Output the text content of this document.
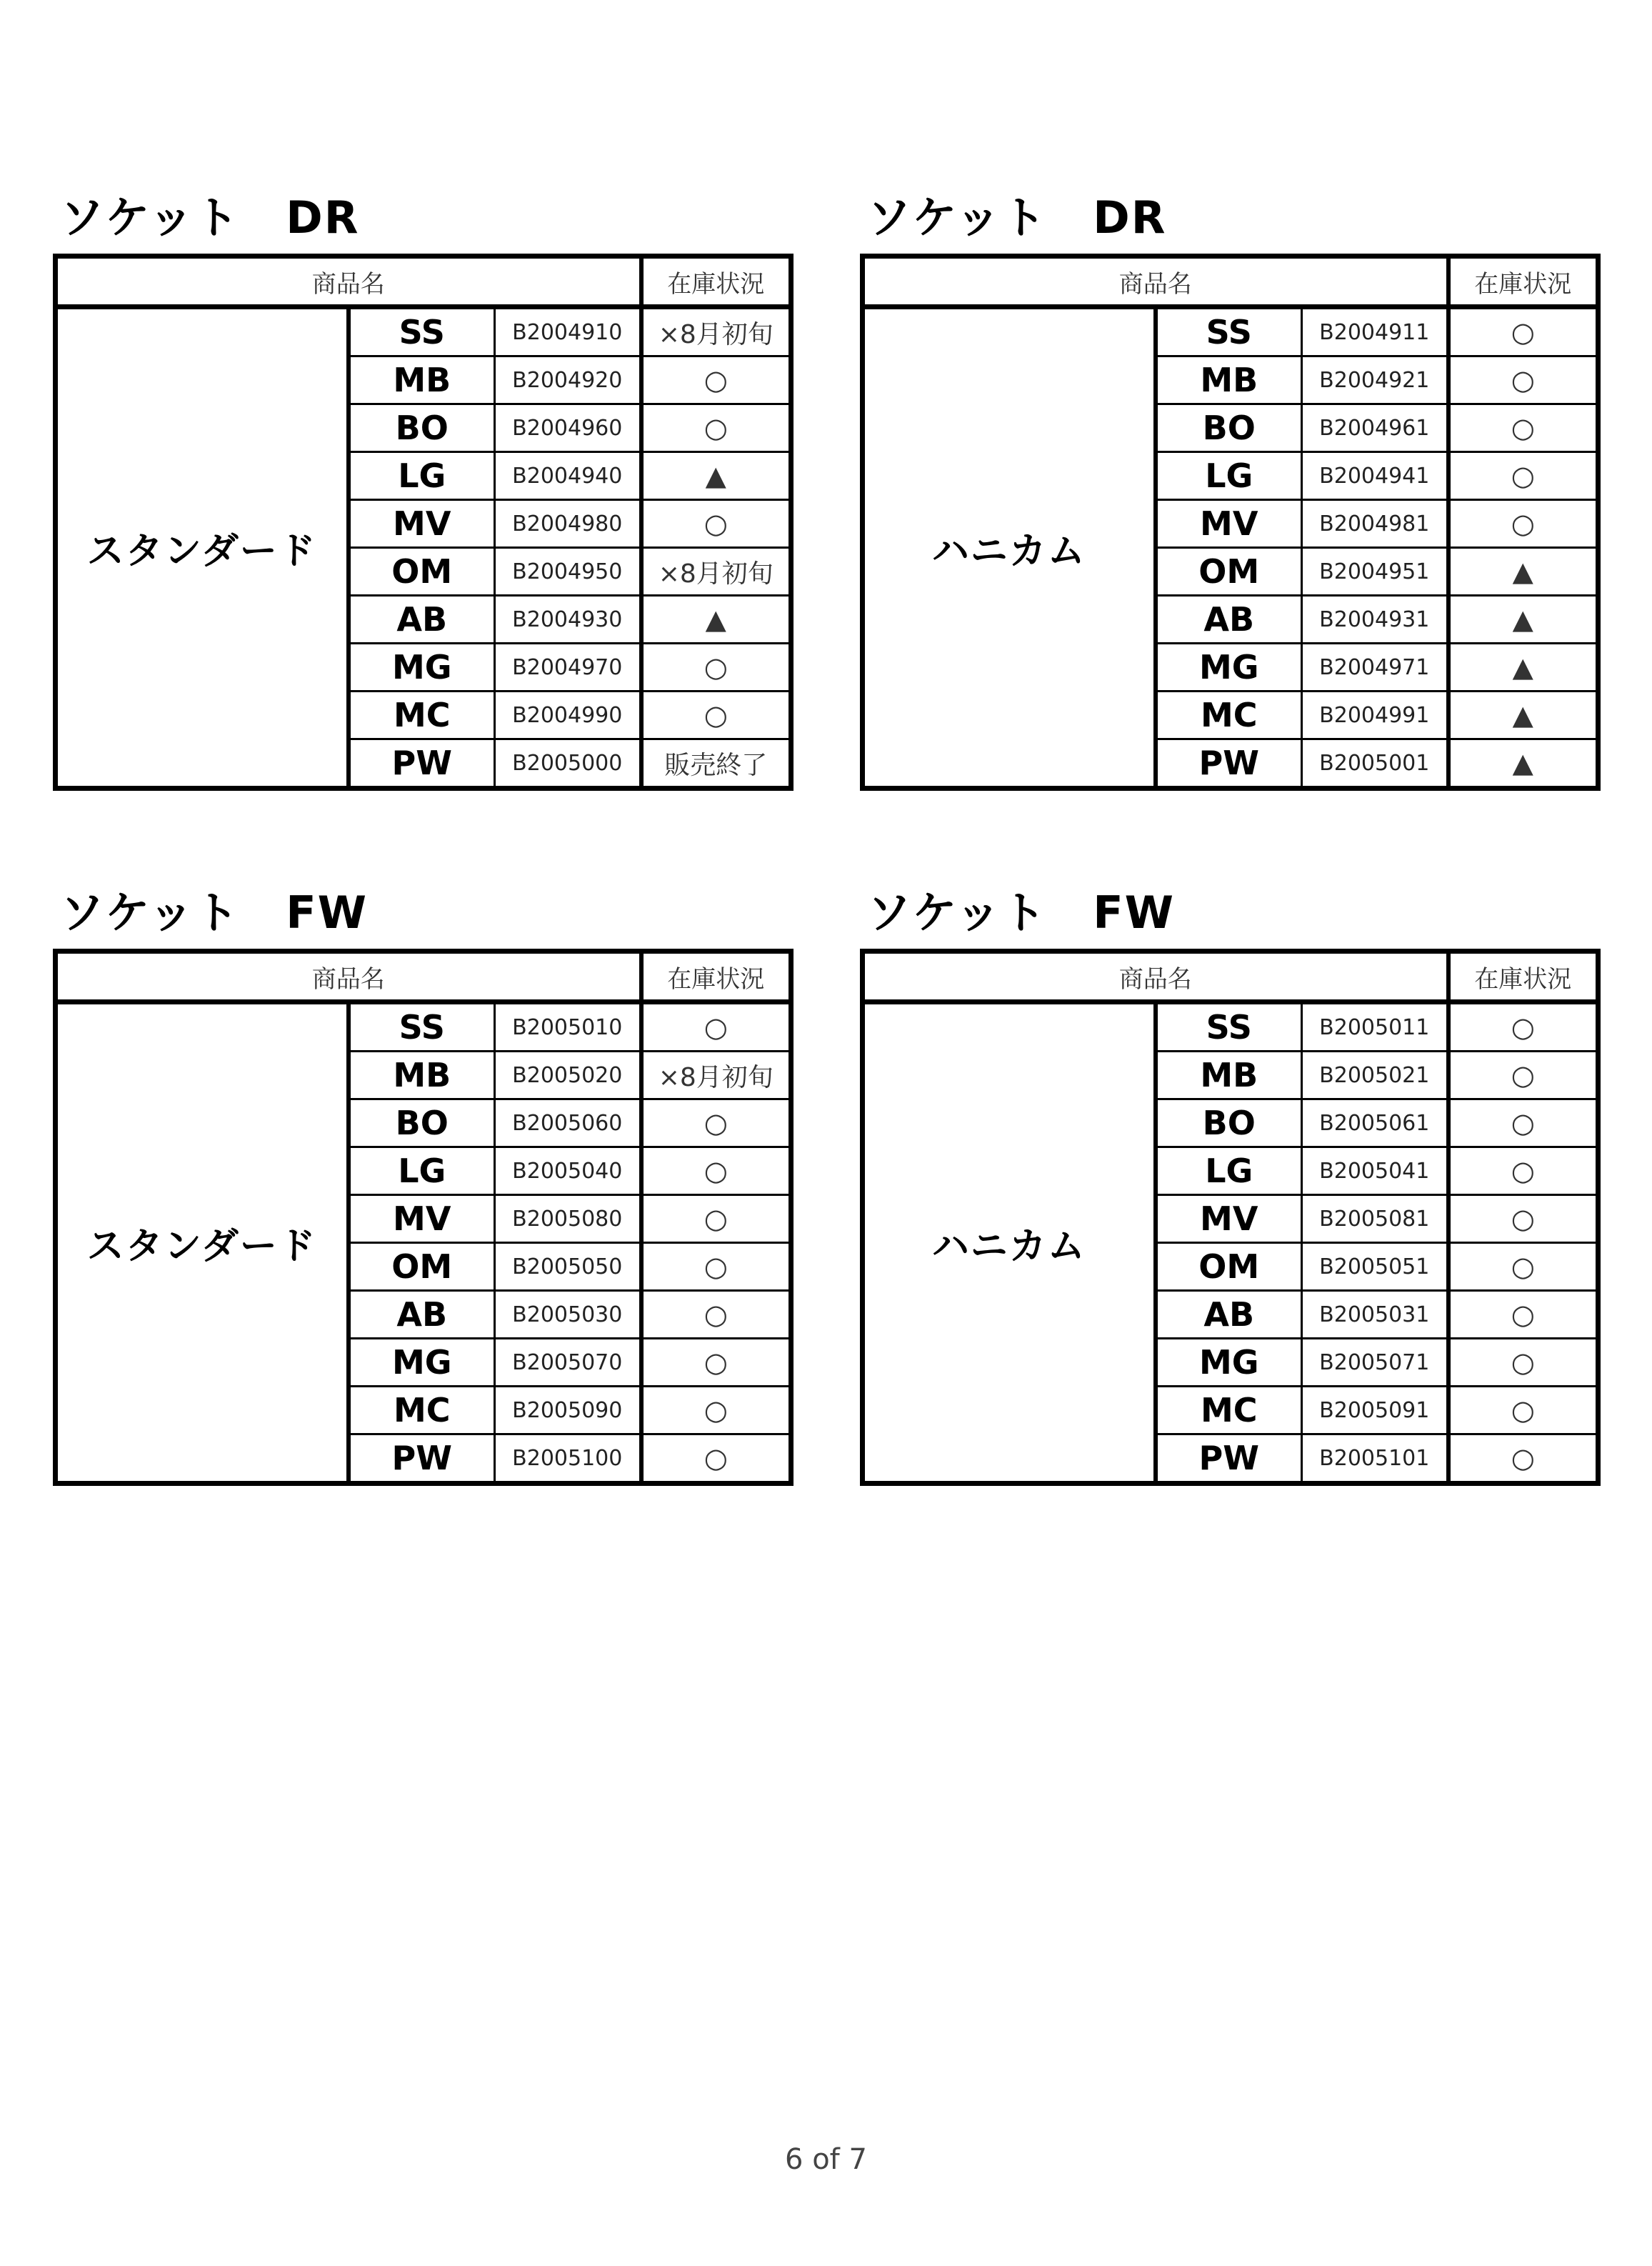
ソケット　DR
商品名			在庫状況
スタンダード	SS	B2004910	×8月初旬
	MB	B2004920	○
	BO	B2004960	○
	LG	B2004940	▲
	MV	B2004980	○
	OM	B2004950	×8月初旬
	AB	B2004930	▲
	MG	B2004970	○
	MC	B2004990	○
	PW	B2005000	販売終了
ソケット　DR
商品名			在庫状況
ハニカム	SS	B2004911	○
	MB	B2004921	○
	BO	B2004961	○
	LG	B2004941	○
	MV	B2004981	○
	OM	B2004951	▲
	AB	B2004931	▲
	MG	B2004971	▲
	MC	B2004991	▲
	PW	B2005001	▲
ソケット　FW
商品名			在庫状況
スタンダード	SS	B2005010	○
	MB	B2005020	×8月初旬
	BO	B2005060	○
	LG	B2005040	○
	MV	B2005080	○
	OM	B2005050	○
	AB	B2005030	○
	MG	B2005070	○
	MC	B2005090	○
	PW	B2005100	○
ソケット　FW
商品名			在庫状況
ハニカム	SS	B2005011	○
	MB	B2005021	○
	BO	B2005061	○
	LG	B2005041	○
	MV	B2005081	○
	OM	B2005051	○
	AB	B2005031	○
	MG	B2005071	○
	MC	B2005091	○
	PW	B2005101	○
6 of 7
